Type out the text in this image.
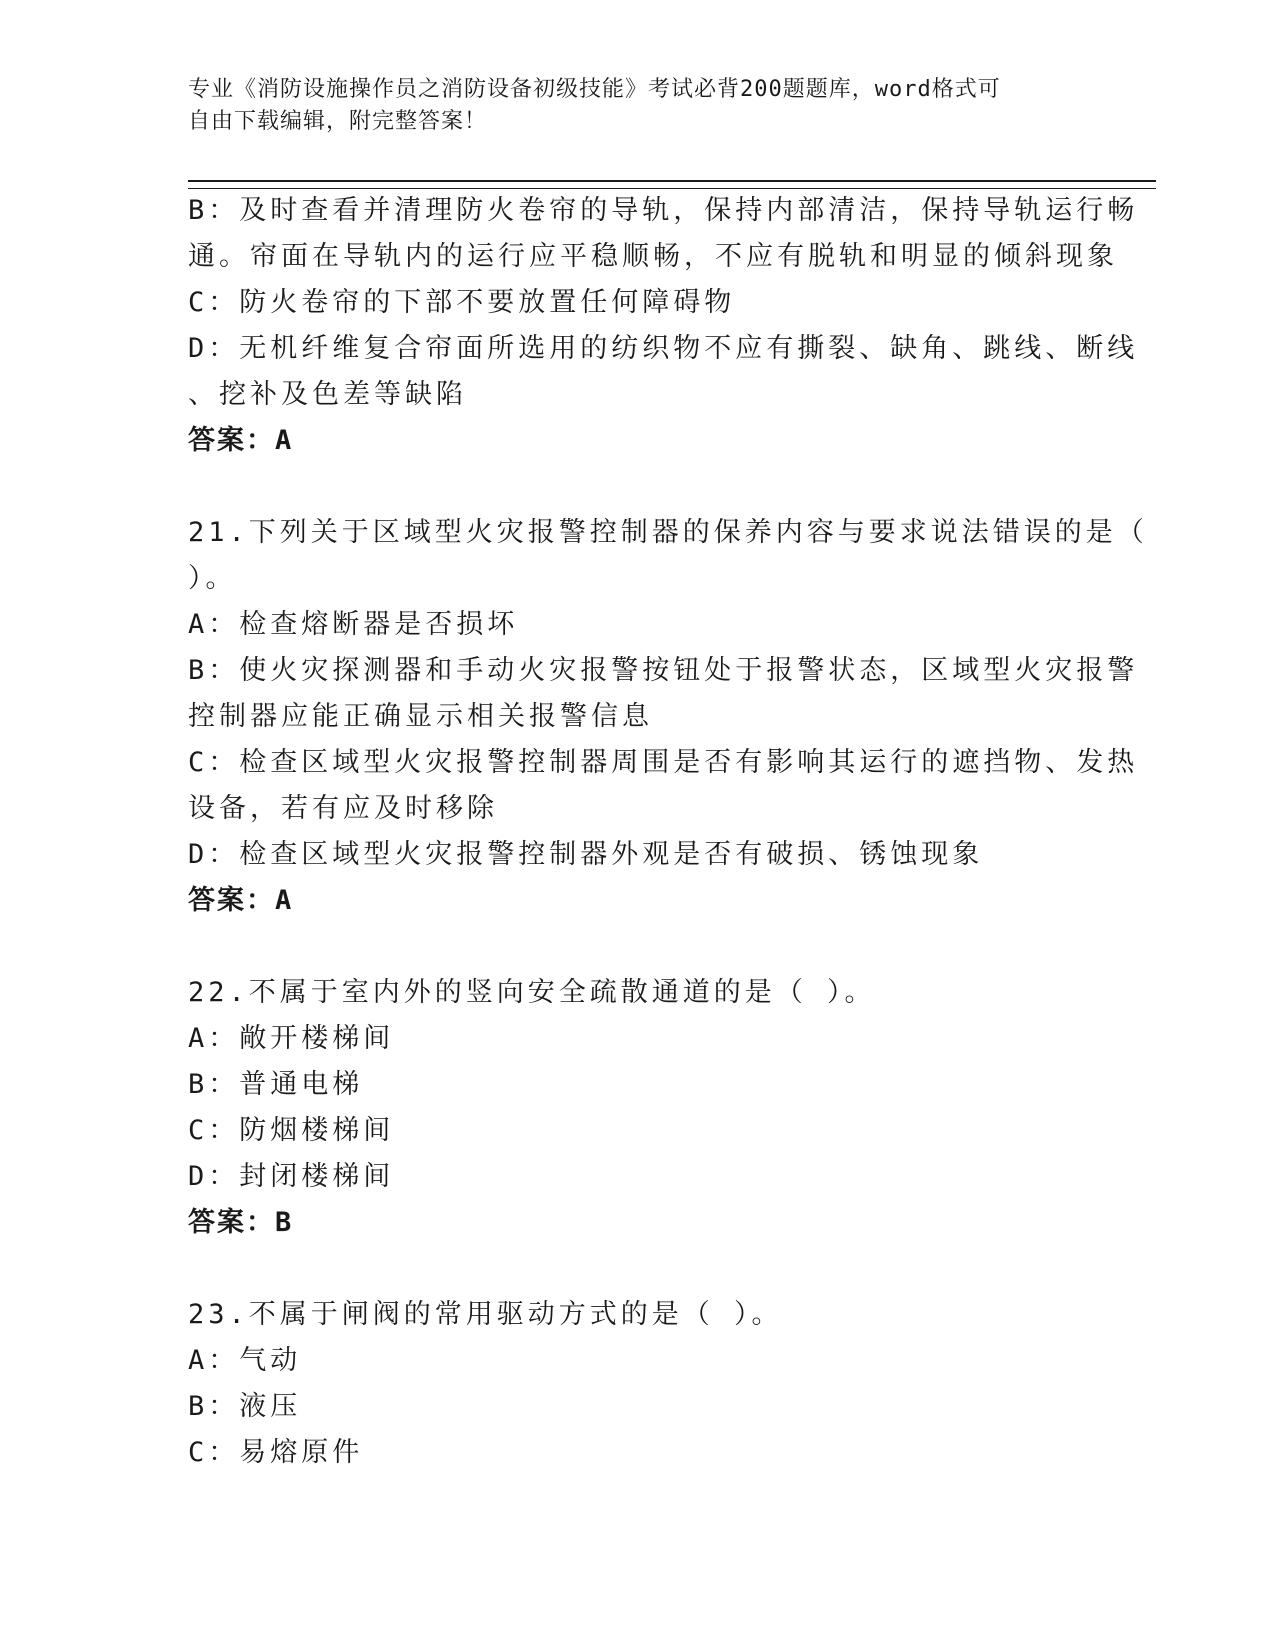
专业《消防设施操作员之消防设备初级技能》考试必背200题题库，word格式可
自由下载编辑，附完整答案！
B：及时查看并清理防火卷帘的导轨，保持内部清洁，保持导轨运行畅
通。帘面在导轨内的运行应平稳顺畅，不应有脱轨和明显的倾斜现象
C：防火卷帘的下部不要放置任何障碍物
D：无机纤维复合帘面所选用的纺织物不应有撕裂、缺角、跳线、断线
、挖补及色差等缺陷
答案：A
21.下列关于区域型火灾报警控制器的保养内容与要求说法错误的是（
）。
A：检查熔断器是否损坏
B：使火灾探测器和手动火灾报警按钮处于报警状态，区域型火灾报警
控制器应能正确显示相关报警信息
C：检查区域型火灾报警控制器周围是否有影响其运行的遮挡物、发热
设备，若有应及时移除
D：检查区域型火灾报警控制器外观是否有破损、锈蚀现象
答案：A
22.不属于室内外的竖向安全疏散通道的是（ ）。
A：敞开楼梯间
B：普通电梯
C：防烟楼梯间
D：封闭楼梯间
答案：B
23.不属于闸阀的常用驱动方式的是（ ）。
A：气动
B：液压
C：易熔原件
